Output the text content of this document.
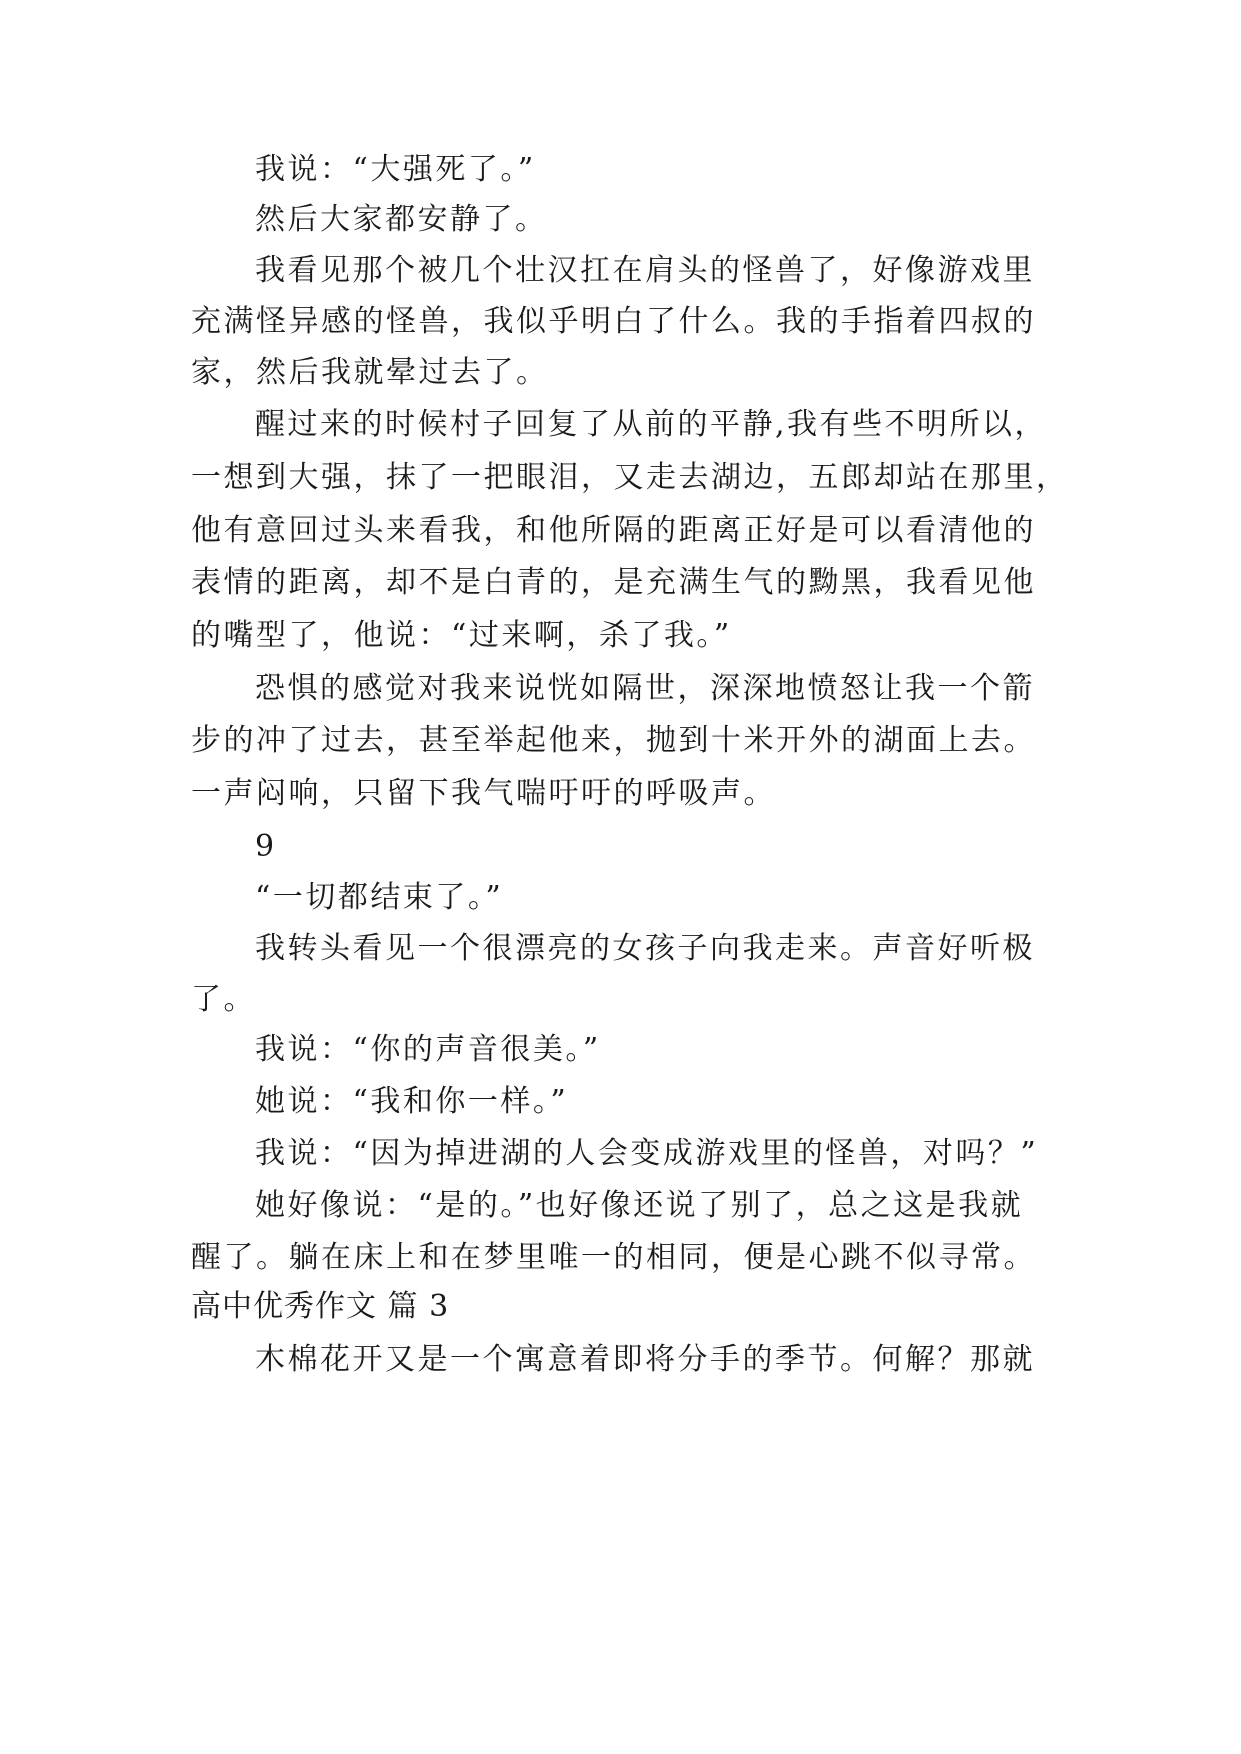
我说：“大强死了。”
然后大家都安静了。
我看见那个被几个壮汉扛在肩头的怪兽了，好像游戏里
充满怪异感的怪兽，我似乎明白了什么。我的手指着四叔的
家，然后我就晕过去了。
醒过来的时候村子回复了从前的平静,我有些不明所以，
一想到大强，抹了一把眼泪，又走去湖边，五郎却站在那里，
他有意回过头来看我，和他所隔的距离正好是可以看清他的
表情的距离，却不是白青的，是充满生气的黝黑，我看见他
的嘴型了，他说：“过来啊，杀了我。”
恐惧的感觉对我来说恍如隔世，深深地愤怒让我一个箭
步的冲了过去，甚至举起他来，抛到十米开外的湖面上去。
一声闷响，只留下我气喘吁吁的呼吸声。
9
“一切都结束了。”
我转头看见一个很漂亮的女孩子向我走来。声音好听极
了。
我说：“你的声音很美。”
她说：“我和你一样。”
我说：“因为掉进湖的人会变成游戏里的怪兽，对吗？”
她好像说：“是的。”也好像还说了别了，总之这是我就
醒了。躺在床上和在梦里唯一的相同，便是心跳不似寻常。
高中优秀作文 篇 3
木棉花开又是一个寓意着即将分手的季节。何解？那就
